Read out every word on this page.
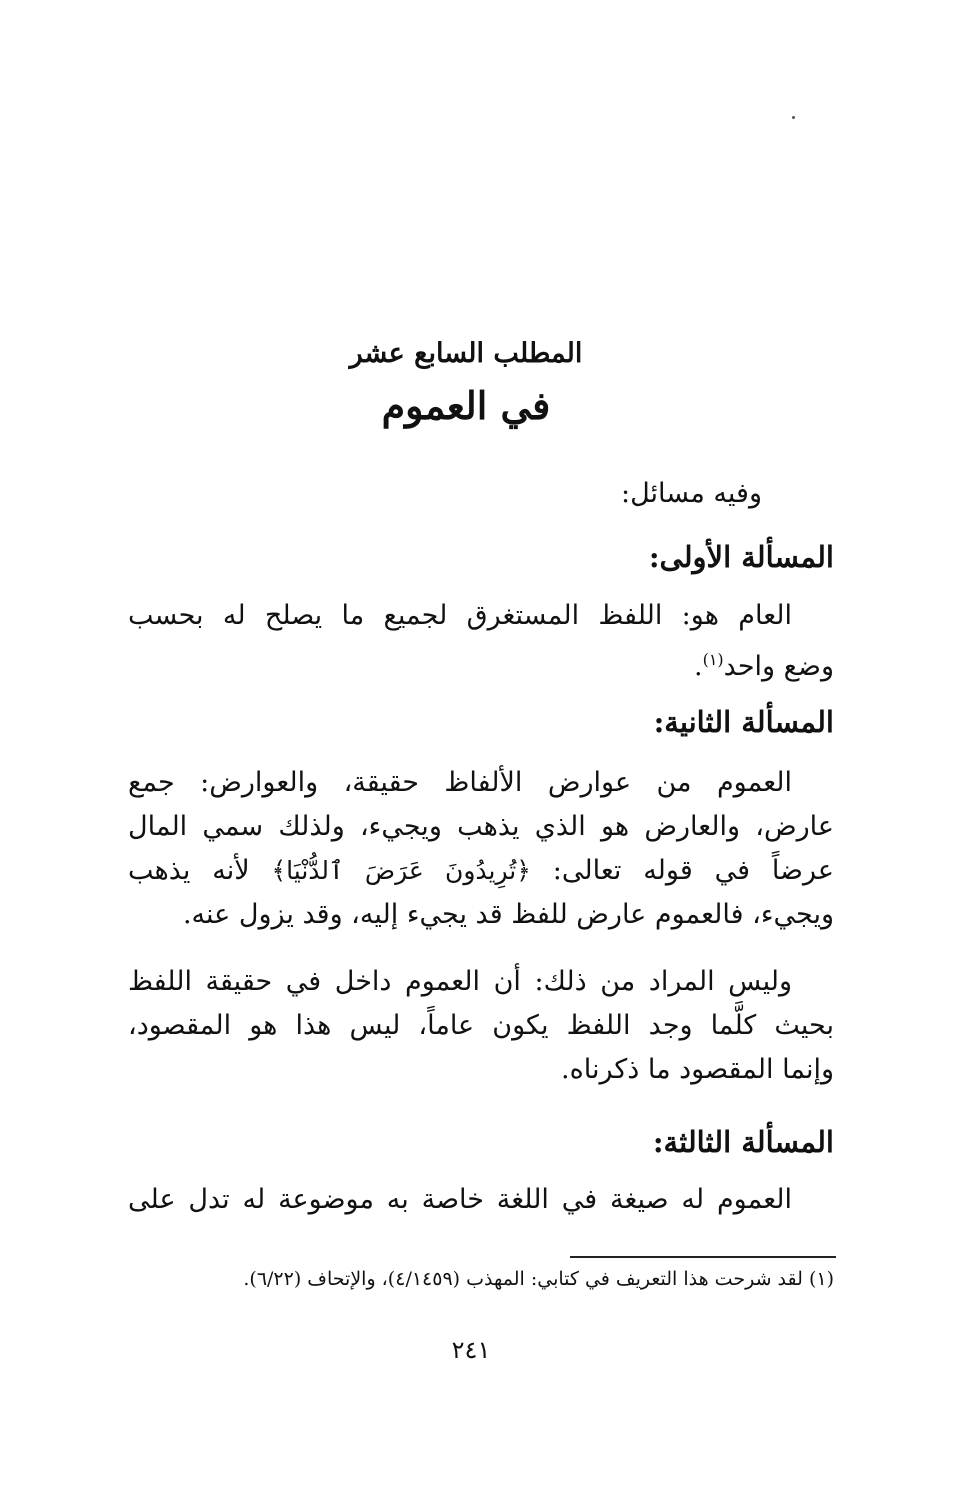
المطلب السابع عشر
في العموم
وفيه مسائل:
المسألة الأولى:
العام هو: اللفظ المستغرق لجميع ما يصلح له بحسب
وضع واحد$^{(١)}$.
المسألة الثانية:
العموم من عوارض الألفاظ حقيقة، والعوارض: جمع
عارض، والعارض هو الذي يذهب ويجيء، ولذلك سمي المال
عرضاً في قوله تعالى: ﴿تُرِيدُونَ عَرَضَ ٱلدُّنْيَا﴾ لأنه يذهب
ويجيء، فالعموم عارض للفظ قد يجيء إليه، وقد يزول عنه.
وليس المراد من ذلك: أن العموم داخل في حقيقة اللفظ
بحيث كلَّما وجد اللفظ يكون عاماً، ليس هذا هو المقصود،
وإنما المقصود ما ذكرناه.
المسألة الثالثة:
العموم له صيغة في اللغة خاصة به موضوعة له تدل على
(١) لقد شرحت هذا التعريف في كتابي: المهذب (٤/١٤٥٩)، والإتحاف (٦/٢٢).
٢٤١
